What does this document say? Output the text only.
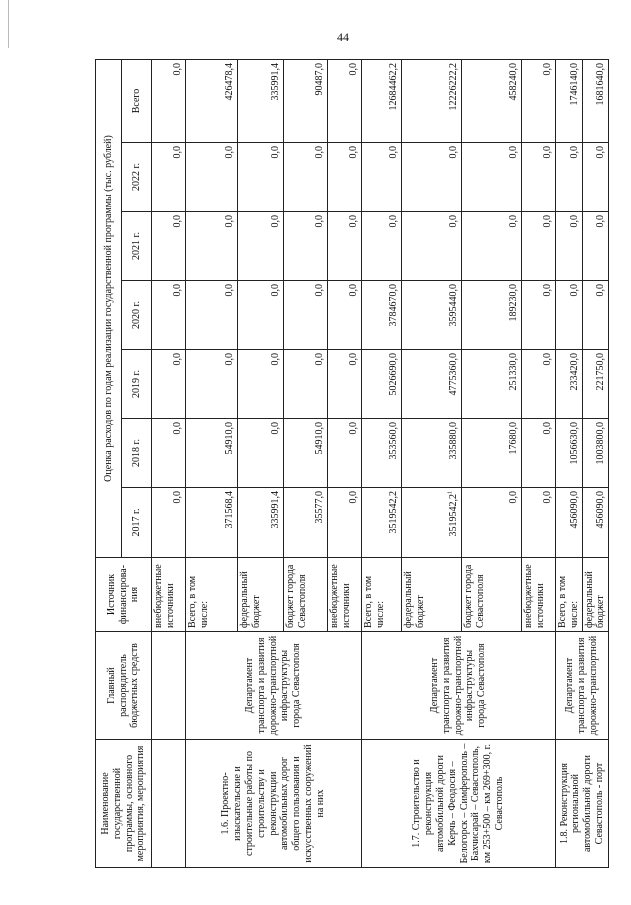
44
Наименование государственной программы, основного мероприятия, мероприятия	Главный распорядитель бюджетных средств	Источник финансирова-ния	Оценка расходов по годам реализации государственной программы (тыс. рублей)						
			2017 г.	2018 г.	2019 г.	2020 г.	2021 г.	2022 г.	Всего
		внебюджетные источники	0,0	0,0	0,0	0,0	0,0	0,0	0,0
1.6. Проектно-изыскательские и строительные работы по строительству и реконструкции автомобильных дорог общего пользования и искусственных сооружений на них	Департамент транспорта и развития дорожно-транспортной инфраструктуры города Севастополя	Всего, в том числе:	371568,4	54910,0	0,0	0,0	0,0	0,0	426478,4
		федеральный бюджет	335991,4	0,0	0,0	0,0	0,0	0,0	335991,4
		бюджет города Севастополя	35577,0	54910,0	0,0	0,0	0,0	0,0	90487,0
		внебюджетные источники	0,0	0,0	0,0	0,0	0,0	0,0	0,0
1.7. Строительство и реконструкция автомобильной дороги Керчь – Феодосия – Белогорск – Симферополь – Бахчисарай – Севастополь, км 253+500 – км 269+300, г. Севастополь	Департамент транспорта и развития дорожно-транспортной инфраструктуры города Севастополя	Всего, в том числе:	3519542,2	353560,0	5026690,0	3784670,0	0,0	0,0	12684462,2
		федеральный бюджет	3519542,2$^1$	335880,0	4775360,0	3595440,0	0,0	0,0	12226222,2
		бюджет города Севастополя	0,0	17680,0	251330,0	189230,0	0,0	0,0	458240,0
		внебюджетные источники	0,0	0,0	0,0	0,0	0,0	0,0	0,0
1.8. Реконструкция региональной автомобильной дороги Севастополь - порт	Департамент транспорта и развития дорожно-транспортной	Всего, в том числе:	456090,0	1056630,0	233420,0	0,0	0,0	0,0	1746140,0
		федеральный бюджет	456090,0	1003800,0	221750,0	0,0	0,0	0,0	1681640,0
